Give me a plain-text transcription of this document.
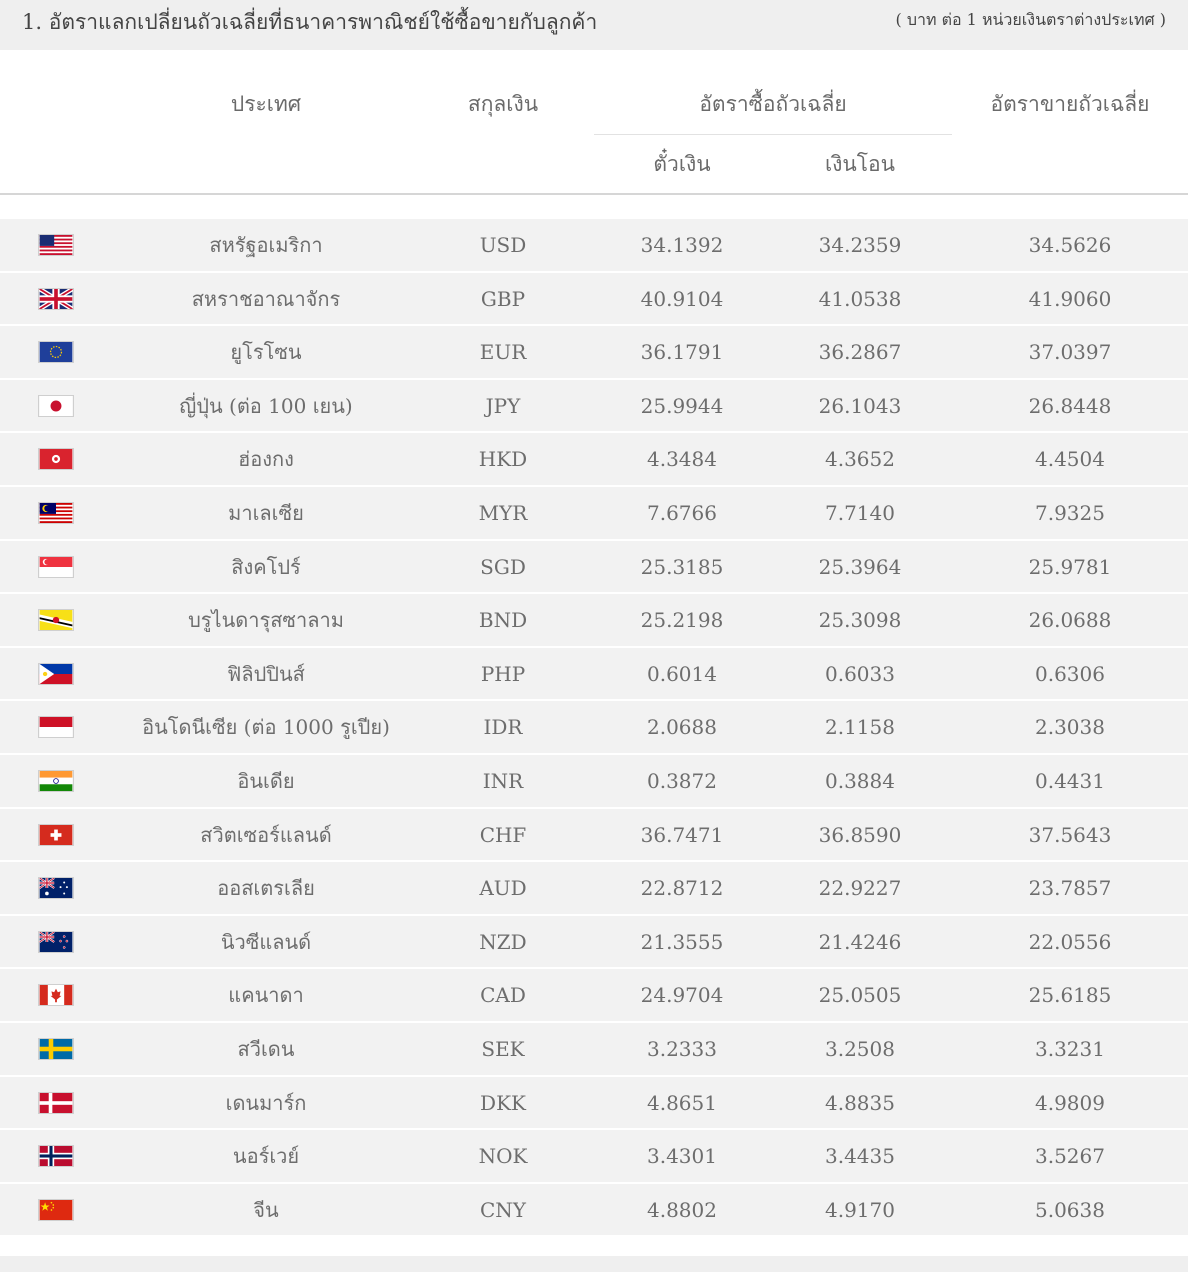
1. อัตราแลกเปลี่ยนถัวเฉลี่ยที่ธนาคารพาณิชย์ใช้ซื้อขายกับลูกค้า	( บาท ต่อ 1 หน่วยเงินตราต่างประเทศ )
ประเทศ	สกุลเงิน	อัตราซื้อถัวเฉลี่ย
ตั๋วเงิน	เงินโอน
อัตราขายถัวเฉลี่ย
สหรัฐอเมริกา	USD	34.1392	34.2359	34.5626
สหราชอาณาจักร	GBP	40.9104	41.0538	41.9060
ยูโรโซน	EUR	36.1791	36.2867	37.0397
ญี่ปุ่น (ต่อ 100 เยน)	JPY	25.9944	26.1043	26.8448
ฮ่องกง	HKD	4.3484	4.3652	4.4504
มาเลเซีย	MYR	7.6766	7.7140	7.9325
สิงคโปร์	SGD	25.3185	25.3964	25.9781
บรูไนดารุสซาลาม	BND	25.2198	25.3098	26.0688
ฟิลิปปินส์	PHP	0.6014	0.6033	0.6306
อินโดนีเซีย (ต่อ 1000 รูเปีย)	IDR	2.0688	2.1158	2.3038
อินเดีย	INR	0.3872	0.3884	0.4431
สวิตเซอร์แลนด์	CHF	36.7471	36.8590	37.5643
ออสเตรเลีย	AUD	22.8712	22.9227	23.7857
นิวซีแลนด์	NZD	21.3555	21.4246	22.0556
แคนาดา	CAD	24.9704	25.0505	25.6185
สวีเดน	SEK	3.2333	3.2508	3.3231
เดนมาร์ก	DKK	4.8651	4.8835	4.9809
นอร์เวย์	NOK	3.4301	3.4435	3.5267
จีน	CNY	4.8802	4.9170	5.0638
